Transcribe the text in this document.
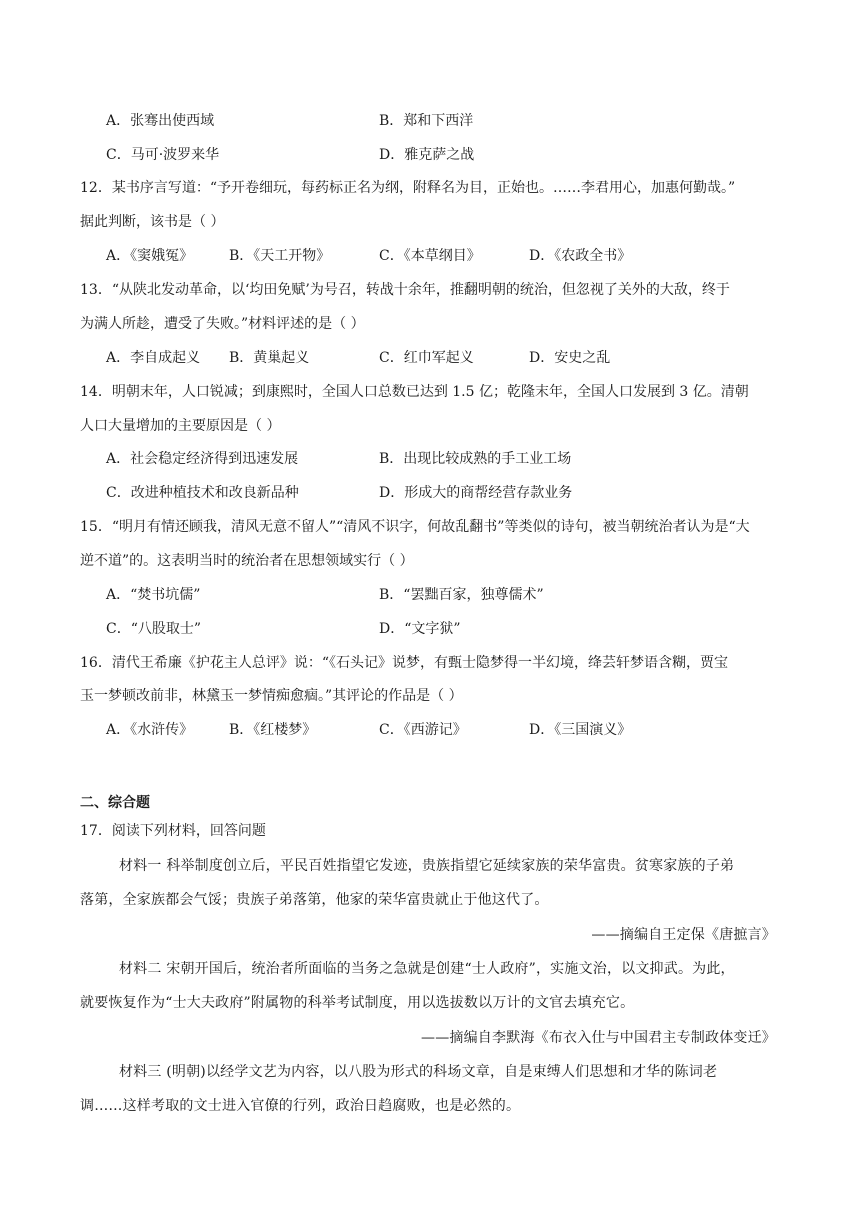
A．张骞出使西域	B．郑和下西洋
C．马可·波罗来华	D．雅克萨之战
12．某书序言写道：“予开卷细玩，每药标正名为纲，附释名为目，正始也。……李君用心，加惠何勤哉。”
据此判断，该书是（ ）
A．《窦娥冤》	B．《天工开物》	C．《本草纲目》	D．《农政全书》
13．“从陕北发动革命，以‘均田免赋’为号召，转战十余年，推翻明朝的统治，但忽视了关外的大敌，终于
为满人所趁，遭受了失败。”材料评述的是（ ）
A．李自成起义 B．黄巢起义	C．红巾军起义	D．安史之乱
14．明朝末年，人口锐减；到康熙时，全国人口总数已达到 1.5 亿；乾隆末年，全国人口发展到 3 亿。清朝
人口大量增加的主要原因是（ ）
A．社会稳定经济得到迅速发展	B．出现比较成熟的手工业工场
C．改进种植技术和改良新品种	D．形成大的商帮经营存款业务
15．“明月有情还顾我，清风无意不留人”“清风不识字，何故乱翻书”等类似的诗句，被当朝统治者认为是“大
逆不道”的。这表明当时的统治者在思想领域实行（ ）
A．“焚书坑儒”	B．“罢黜百家，独尊儒术”
C．“八股取士”	D．“文字狱”
16．清代王希廉《护花主人总评》说：“《石头记》说梦，有甄士隐梦得一半幻境，绛芸轩梦语含糊，贾宝
玉一梦顿改前非，林黛玉一梦情痴愈痼。”其评论的作品是（ ）
A．《水浒传》	B．《红楼梦》	C．《西游记》	D．《三国演义》
二、综合题
17．阅读下列材料，回答问题
材料一 科举制度创立后，平民百姓指望它发迹，贵族指望它延续家族的荣华富贵。贫寒家族的子弟
落第，全家族都会气馁；贵族子弟落第，他家的荣华富贵就止于他这代了。
——摘编自王定保《唐摭言》
材料二 宋朝开国后，统治者所面临的当务之急就是创建“士人政府”，实施文治，以文抑武。为此，
就要恢复作为“士大夫政府”附属物的科举考试制度，用以选拔数以万计的文官去填充它。
——摘编自李默海《布衣入仕与中国君主专制政体变迁》
材料三 (明朝)以经学文艺为内容，以八股为形式的科场文章，自是束缚人们思想和才华的陈词老
调……这样考取的文士进入官僚的行列，政治日趋腐败，也是必然的。
